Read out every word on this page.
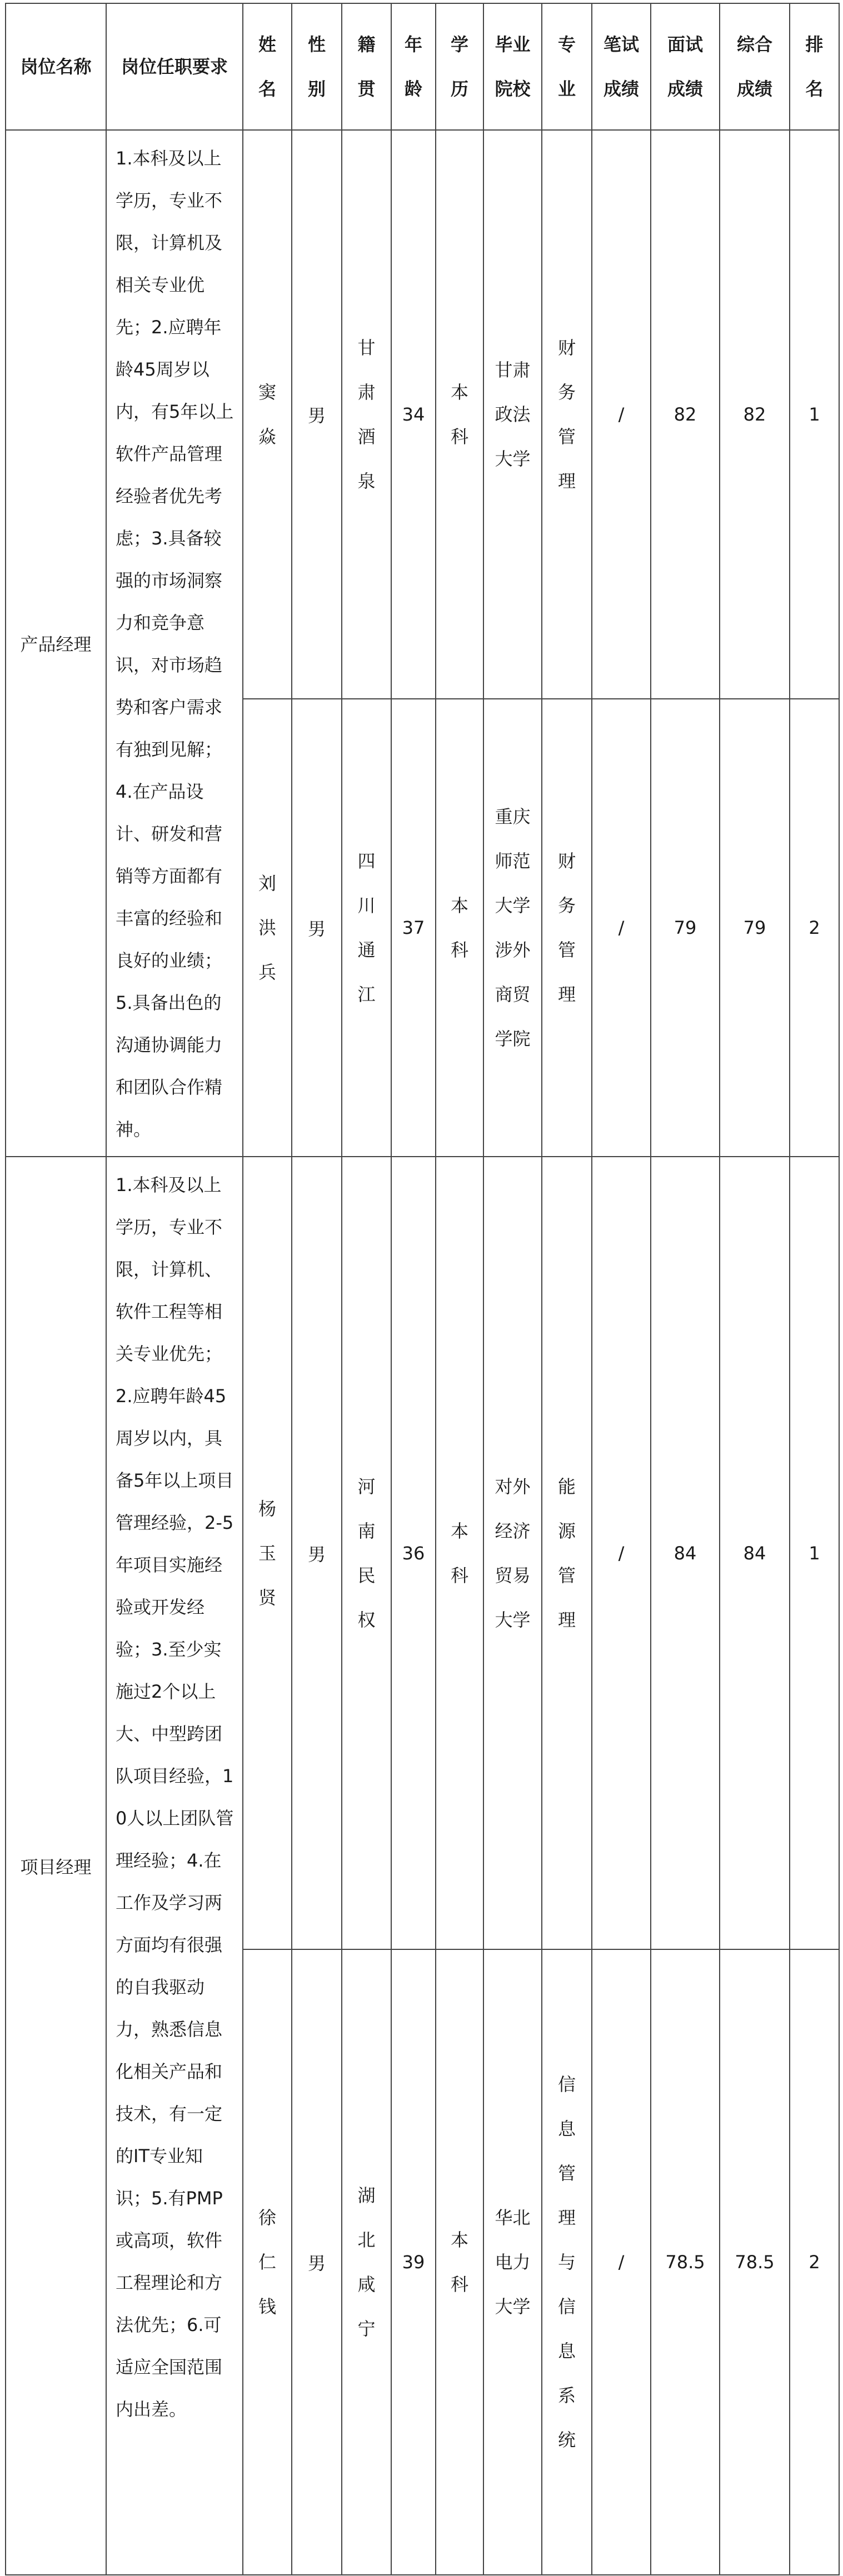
岗位名称	岗位任职要求	姓名	性别	籍贯	年龄	学历	毕业院校	专业	笔试成绩	面试成绩	综合成绩	排名
产品经理	1.本科及以上学历，专业不限，计算机及相关专业优先；2.应聘年龄45周岁以内，有5年以上软件产品管理经验者优先考虑；3.具备较强的市场洞察力和竞争意识，对市场趋势和客户需求有独到见解；4.在产品设计、研发和营销等方面都有丰富的经验和良好的业绩；5.具备出色的沟通协调能力和团队合作精神。	窦焱	男	甘肃酒泉	34	本科	甘肃政法大学	财务管理	/	82	82	1
		刘洪兵	男	四川通江	37	本科	重庆师范大学涉外商贸学院	财务管理	/	79	79	2
项目经理	1.本科及以上学历，专业不限，计算机、软件工程等相关专业优先；2.应聘年龄45周岁以内，具备5年以上项目管理经验，2-5年项目实施经验或开发经验；3.至少实施过2个以上大、中型跨团队项目经验，10人以上团队管理经验；4.在工作及学习两方面均有很强的自我驱动力，熟悉信息化相关产品和技术，有一定的IT专业知识；5.有PMP或高项，软件工程理论和方法优先；6.可适应全国范围内出差。	杨玉贤	男	河南民权	36	本科	对外经济贸易大学	能源管理	/	84	84	1
		徐仁钱	男	湖北咸宁	39	本科	华北电力大学	信息管理与信息系统	/	78.5	78.5	2
